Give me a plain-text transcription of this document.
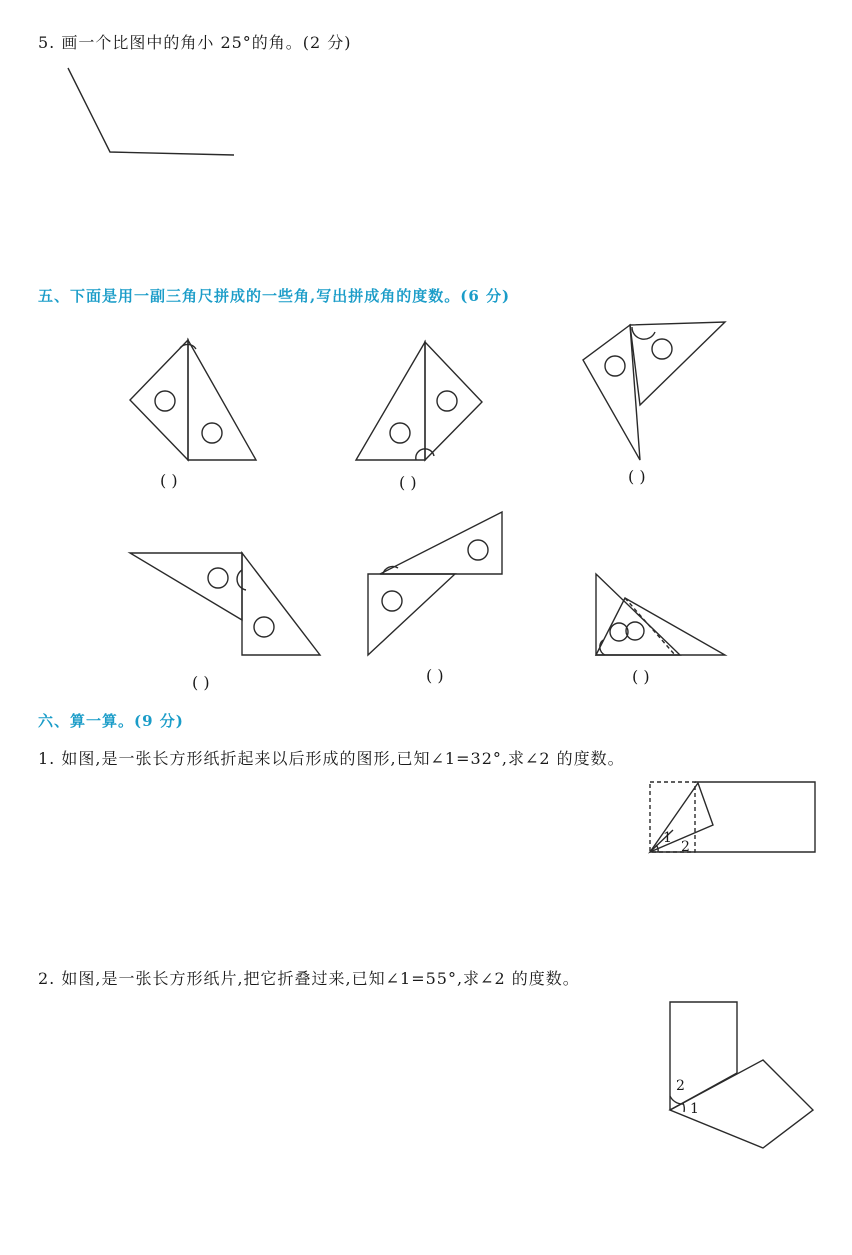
5. 画一个比图中的角小 25°的角。(2 分)
五、下面是用一副三角尺拼成的一些角,写出拼成角的度数。(6 分)
( )	( )	( )
( )	( )	( )
六、算一算。(9 分)
1. 如图,是一张长方形纸折起来以后形成的图形,已知∠1=32°,求∠2 的度数。
2. 如图,是一张长方形纸片,把它折叠过来,已知∠1=55°,求∠2 的度数。
1
2
2
1
